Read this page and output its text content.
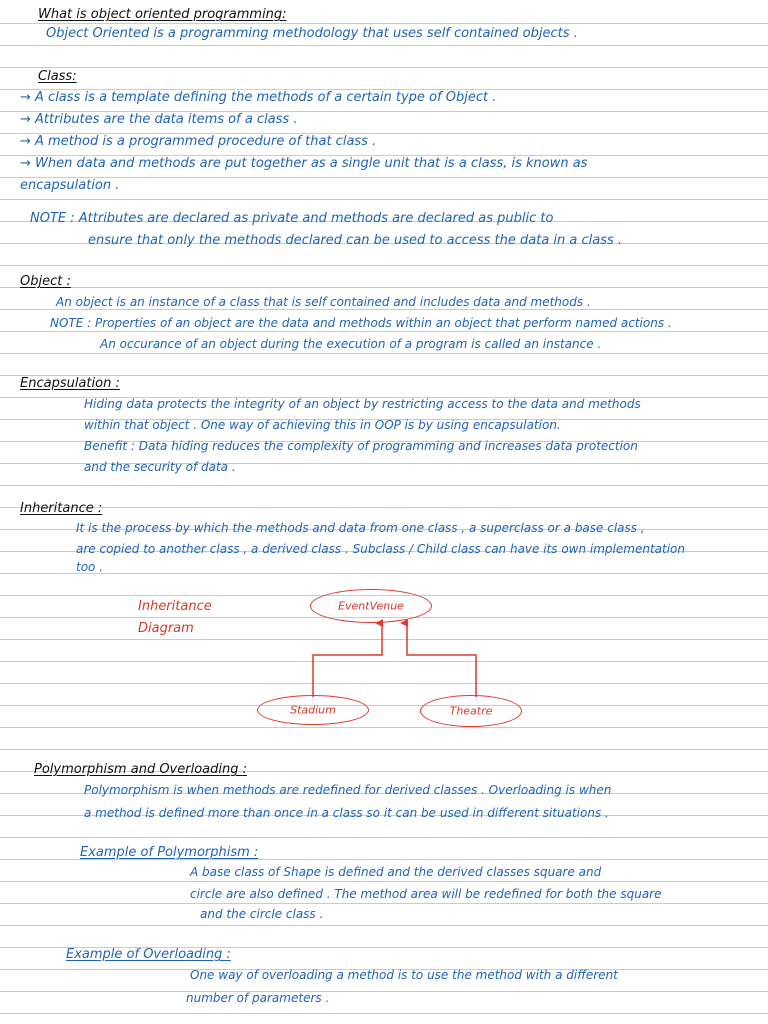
What is object oriented programming:
Object Oriented is a programming methodology that uses self contained objects .
Class:
→ A class is a template defining the methods of a certain type of Object .
→ Attributes are the data items of a class .
→ A method is a programmed procedure of that class .
→ When data and methods are put together as a single unit that is a class, is known as
encapsulation .
NOTE : Attributes are declared as private and methods are declared as public to
ensure that only the methods declared can be used to access the data in a class .
Object :
An object is an instance of a class that is self contained and includes data and methods .
NOTE : Properties of an object are the data and methods within an object that perform named actions .
An occurance of an object during the execution of a program is called an instance .
Encapsulation :
Hiding data protects the integrity of an object by restricting access to the data and methods
within that object . One way of achieving this in OOP is by using encapsulation.
Benefit : Data hiding reduces the complexity of programming and increases data protection
and the security of data .
Inheritance :
It is the process by which the methods and data from one class , a superclass or a base class ,
are copied to another class , a derived class . Subclass / Child class can have its own implementation
too .
Inheritance
Diagram
EventVenue
Stadium	Theatre
Polymorphism and Overloading :
Polymorphism is when methods are redefined for derived classes . Overloading is when
a method is defined more than once in a class so it can be used in different situations .
Example of Polymorphism :
A base class of Shape is defined and the derived classes square and
circle are also defined . The method area will be redefined for both the square
and the circle class .
Example of Overloading :
One way of overloading a method is to use the method with a different
number of parameters .
